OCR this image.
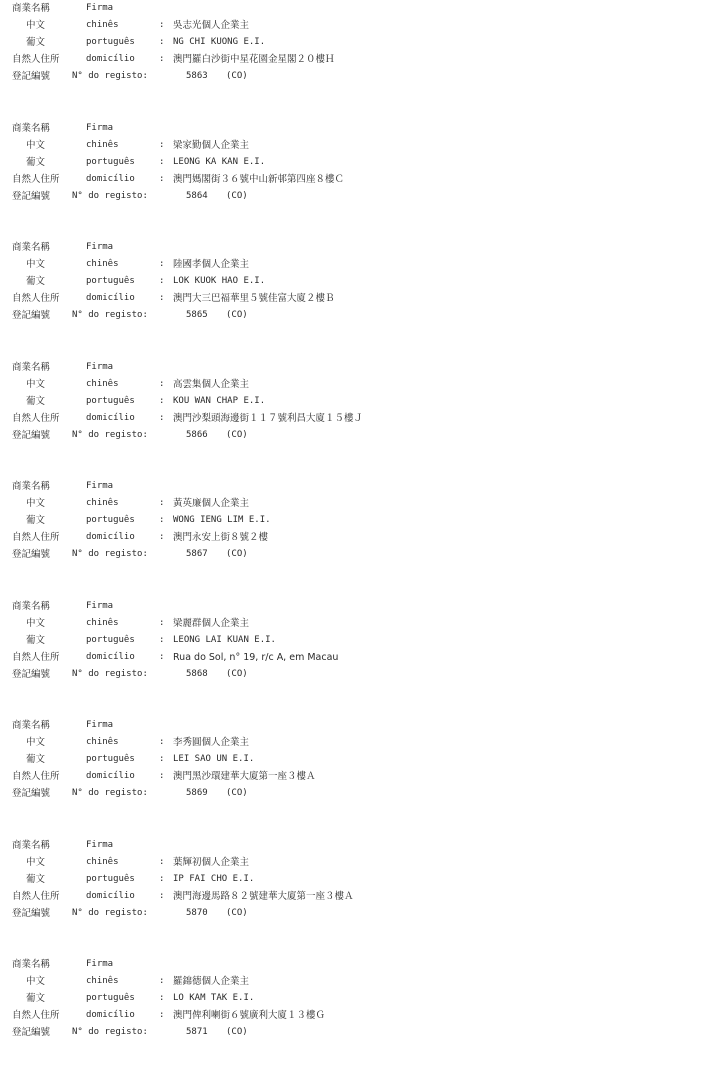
商業名稱	Firma
中文	chinês	: 吳志光個人企業主
葡文	português	: NG CHI KUONG E.I.
自然人住所	domicílio	: 澳門羅白沙街中星花園金星閣２０樓Ｈ
登記編號 N° do registo:	5863 (CO)
商業名稱	Firma
中文	chinês	: 梁家勤個人企業主
葡文	português	: LEONG KA KAN E.I.
自然人住所	domicílio	: 澳門媽閣街３６號中山新邨第四座８樓Ｃ
登記編號 N° do registo:	5864 (CO)
商業名稱	Firma
中文	chinês	: 陸國孝個人企業主
葡文	português	: LOK KUOK HAO E.I.
自然人住所	domicílio	: 澳門大三巴福華里５號佳富大廈２樓Ｂ
登記編號 N° do registo:	5865 (CO)
商業名稱	Firma
中文	chinês	: 高雲集個人企業主
葡文	português	: KOU WAN CHAP E.I.
自然人住所	domicílio	: 澳門沙梨頭海邊街１１７號利昌大廈１５樓Ｊ
登記編號 N° do registo:	5866 (CO)
商業名稱	Firma
中文	chinês	: 黃英廉個人企業主
葡文	português	: WONG IENG LIM E.I.
自然人住所	domicílio	: 澳門永安上街８號２樓
登記編號 N° do registo:	5867 (CO)
商業名稱	Firma
中文	chinês	: 梁麗群個人企業主
葡文	português	: LEONG LAI KUAN E.I.
自然人住所	domicílio	: Rua do Sol, n° 19, r/c A, em Macau
登記編號 N° do registo:	5868 (CO)
商業名稱	Firma
中文	chinês	: 李秀圓個人企業主
葡文	português	: LEI SAO UN E.I.
自然人住所	domicílio	: 澳門黑沙環建華大廈第一座３樓Ａ
登記編號 N° do registo:	5869 (CO)
商業名稱	Firma
中文	chinês	: 葉輝初個人企業主
葡文	português	: IP FAI CHO E.I.
自然人住所	domicílio	: 澳門海邊馬路８２號建華大廈第一座３樓Ａ
登記編號 N° do registo:	5870 (CO)
商業名稱	Firma
中文	chinês	: 羅錦德個人企業主
葡文	português	: LO KAM TAK E.I.
自然人住所	domicílio	: 澳門俾利喇街６號廣利大廈１３樓Ｇ
登記編號 N° do registo:	5871 (CO)
